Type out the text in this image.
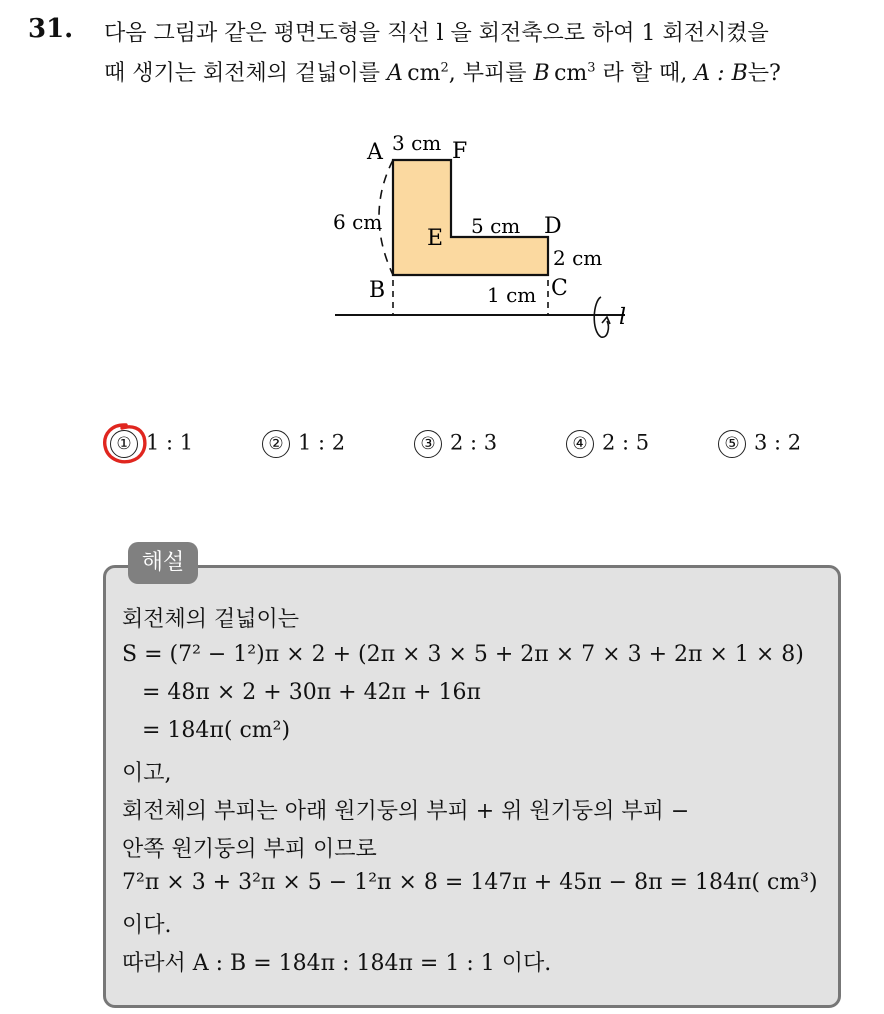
31. 다음 그림과 같은 평면도형을 직선 l 을 회전축으로 하여 1 회전시켰을
때 생기는 회전체의 겉넓이를 A  $cm^2$, 부피를 B  $cm^3$ 라 할 때, A : B는?
A	F
3 cm
6 cm
E 5 cm D
2 cm
B	1 cm C
l
① 1 : 1	② 1 : 2	③ 2 : 3	④ 2 : 5	⑤ 3 : 2
해설
회전체의 겉넓이는
S = (7² − 1²)π × 2 + (2π × 3 × 5 + 2π × 7 × 3 + 2π × 1 × 8)
= 48π × 2 + 30π + 42π + 16π
= 184π( cm²)
이고,
회전체의 부피는 아래 원기둥의 부피 + 위 원기둥의 부피 −
안쪽 원기둥의 부피 이므로
7²π × 3 + 3²π × 5 − 1²π × 8 = 147π + 45π − 8π = 184π( cm³)
이다.
따라서 A : B = 184π : 184π = 1 : 1 이다.
